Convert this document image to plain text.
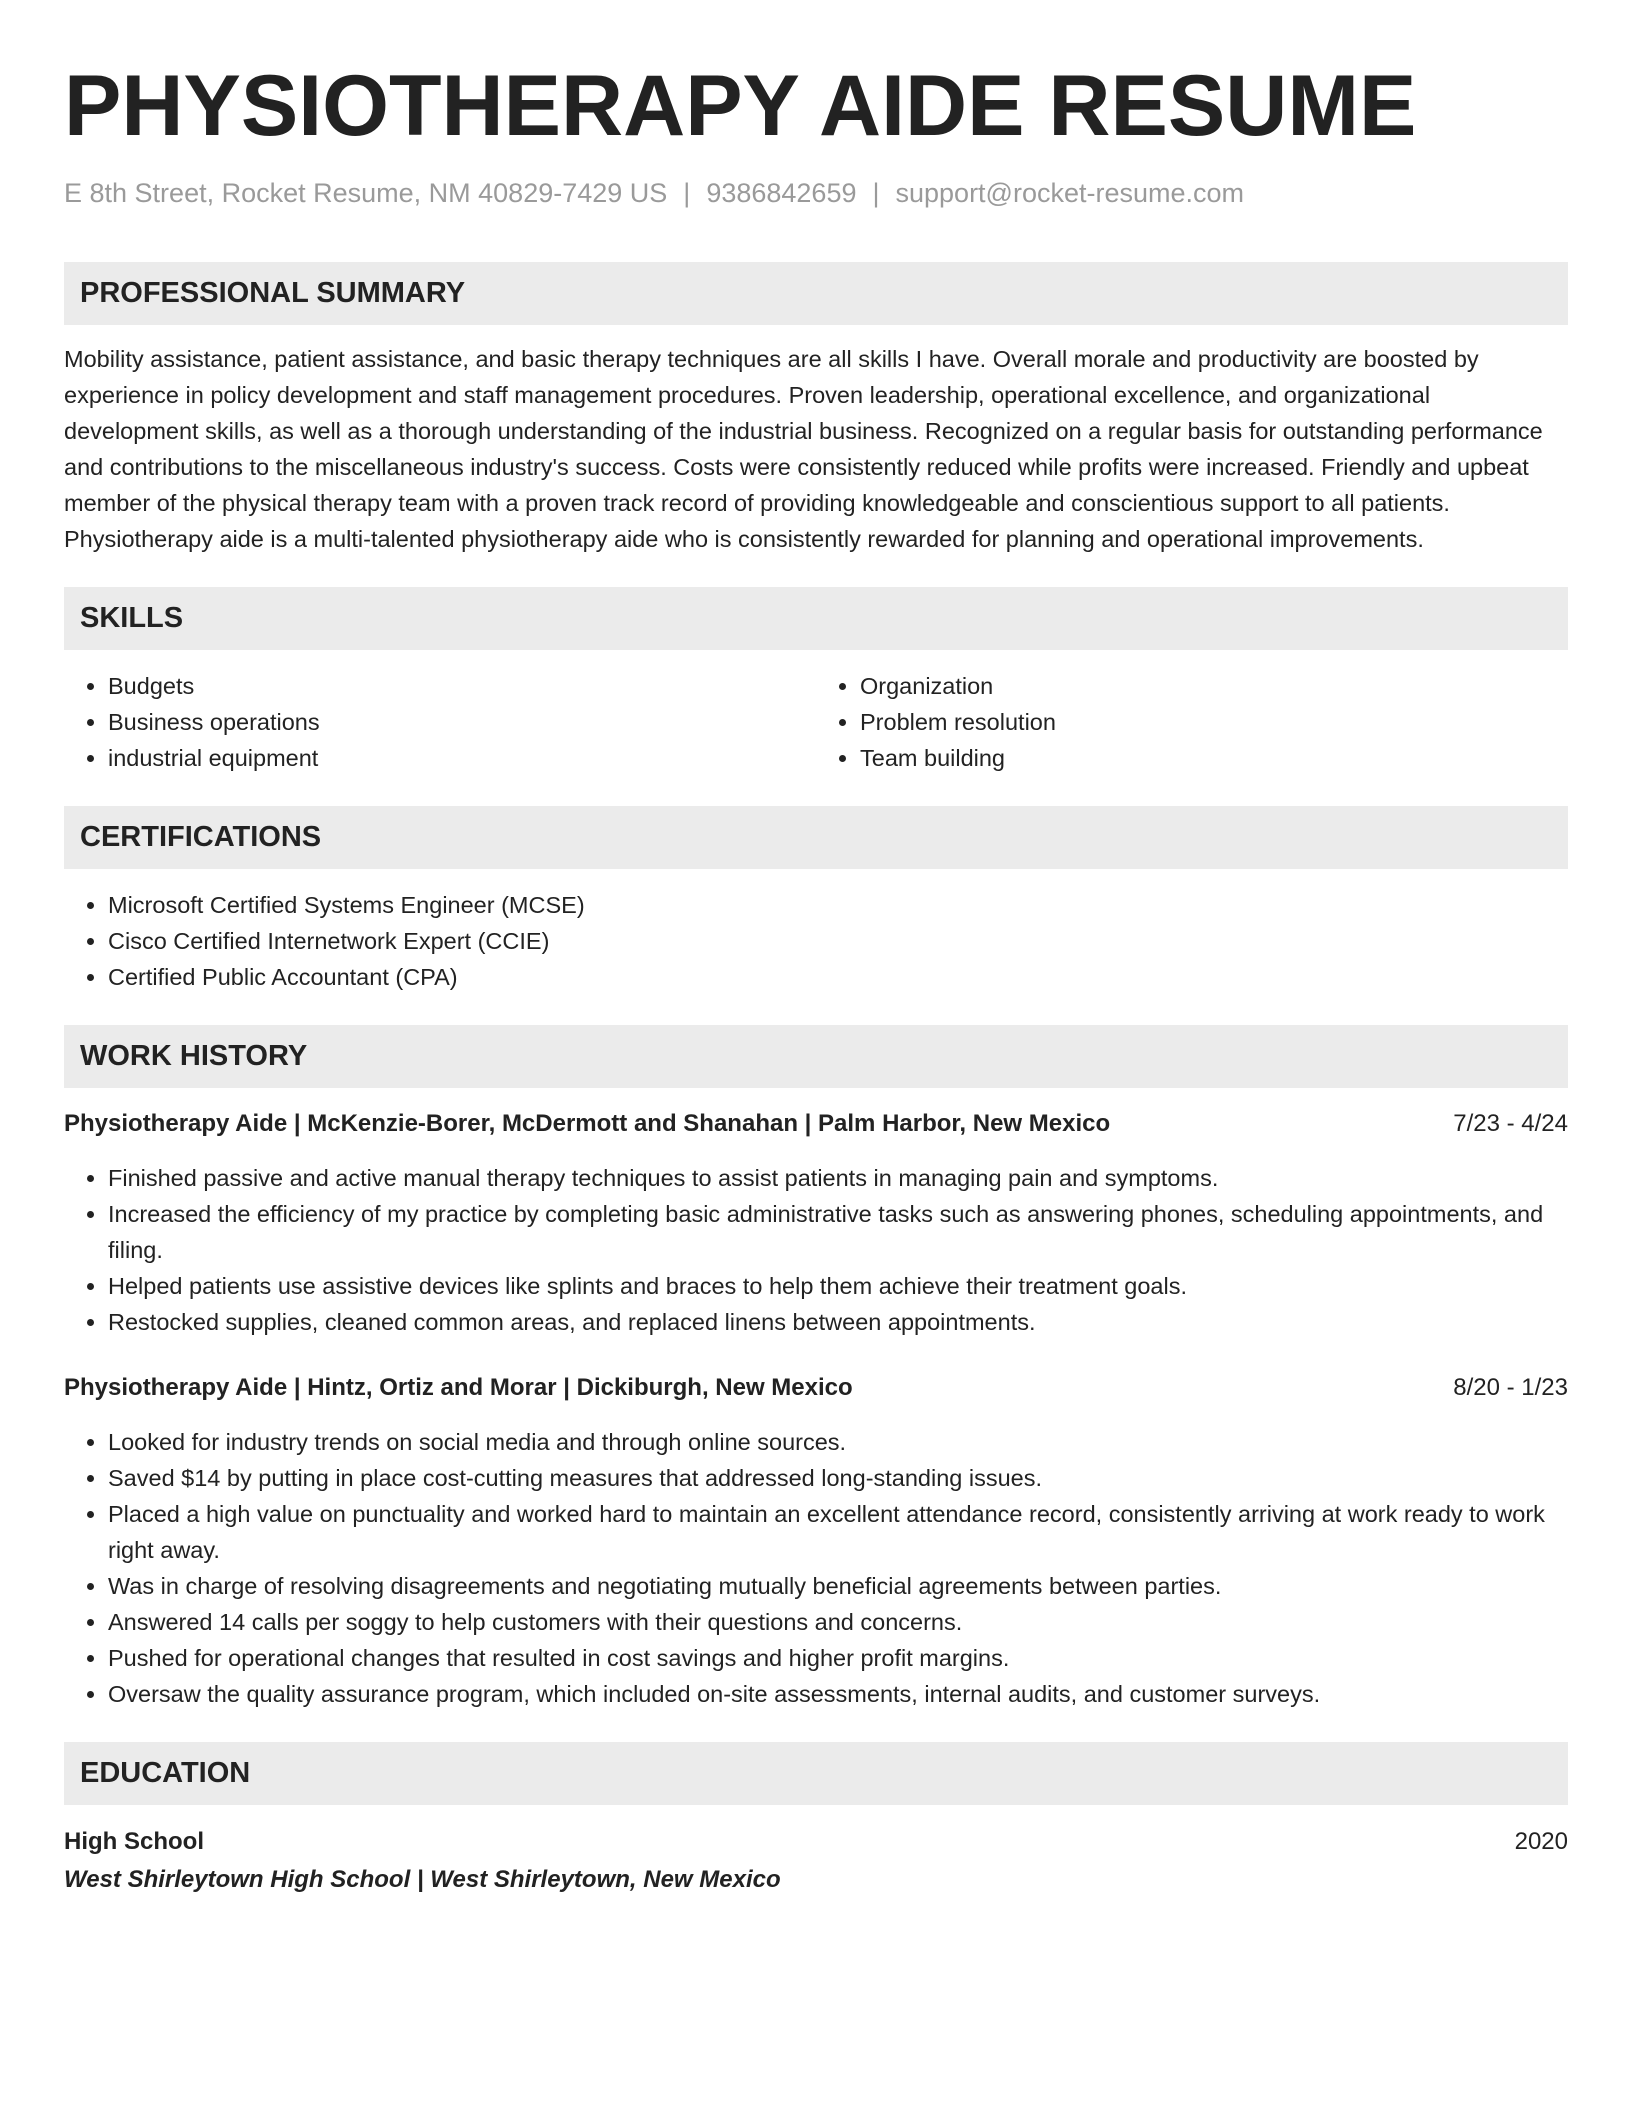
PHYSIOTHERAPY AIDE RESUME
E 8th Street, Rocket Resume, NM 40829-7429 US | 9386842659 | support@rocket-resume.com
PROFESSIONAL SUMMARY

Mobility assistance, patient assistance, and basic therapy techniques are all skills I have. Overall morale and productivity are boosted by experience in policy development and staff management procedures. Proven leadership, operational excellence, and organizational development skills, as well as a thorough understanding of the industrial business. Recognized on a regular basis for outstanding performance and contributions to the miscellaneous industry's success. Costs were consistently reduced while profits were increased. Friendly and upbeat member of the physical therapy team with a proven track record of providing knowledgeable and conscientious support to all patients. Physiotherapy aide is a multi-talented physiotherapy aide who is consistently rewarded for planning and operational improvements.

SKILLS
• Budgets
• Business operations
• industrial equipment
• Organization
• Problem resolution
• Team building
CERTIFICATIONS
• Microsoft Certified Systems Engineer (MCSE)
• Cisco Certified Internetwork Expert (CCIE)
• Certified Public Accountant (CPA)
WORK HISTORY
Physiotherapy Aide | McKenzie-Borer, McDermott and Shanahan | Palm Harbor, New Mexico	7/23 - 4/24
• Finished passive and active manual therapy techniques to assist patients in managing pain and symptoms.
• Increased the efficiency of my practice by completing basic administrative tasks such as answering phones, scheduling appointments, and filing.
• Helped patients use assistive devices like splints and braces to help them achieve their treatment goals.
• Restocked supplies, cleaned common areas, and replaced linens between appointments.
Physiotherapy Aide | Hintz, Ortiz and Morar | Dickiburgh, New Mexico	8/20 - 1/23
• Looked for industry trends on social media and through online sources.
• Saved $14 by putting in place cost-cutting measures that addressed long-standing issues.
• Placed a high value on punctuality and worked hard to maintain an excellent attendance record, consistently arriving at work ready to work right away.
• Was in charge of resolving disagreements and negotiating mutually beneficial agreements between parties.
• Answered 14 calls per soggy to help customers with their questions and concerns.
• Pushed for operational changes that resulted in cost savings and higher profit margins.
• Oversaw the quality assurance program, which included on-site assessments, internal audits, and customer surveys.
EDUCATION
High School	2020
West Shirleytown High School | West Shirleytown, New Mexico
